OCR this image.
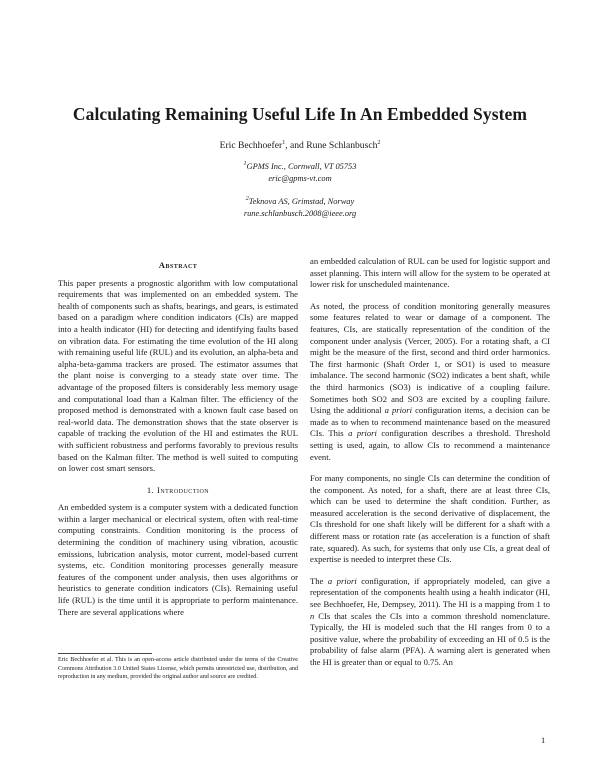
Calculating Remaining Useful Life In An Embedded System
Eric Bechhoefer$^1$, and Rune Schlanbusch$^2$
$^1$GPMS Inc., Cornwall, VT 05753
eric@gpms-vt.com
$^2$Teknova AS, Grimstad, Norway
rune.schlanbusch.2008@ieee.org
Abstract

This paper presents a prognostic algorithm with low computational requirements that was implemented on an embedded system. The health of components such as shafts, bearings, and gears, is estimated based on a paradigm where condition indicators (CIs) are mapped into a health indicator (HI) for detecting and identifying faults based on vibration data. For estimating the time evolution of the HI along with remaining useful life (RUL) and its evolution, an alpha-beta and alpha-beta-gamma trackers are prosed. The estimator assumes that the plant noise is converging to a steady state over time. The advantage of the proposed filters is considerably less memory usage and computational load than a Kalman filter. The efficiency of the proposed method is demonstrated with a known fault case based on real-world data. The demonstration shows that the state observer is capable of tracking the evolution of the HI and estimates the RUL with sufficient robustness and performs favorably to previous results based on the Kalman filter. The method is well suited to computing on lower cost smart sensors.

1. Introduction

An embedded system is a computer system with a dedicated function within a larger mechanical or electrical system, often with real-time computing constraints. Condition monitoring is the process of determining the condition of machinery using vibration, acoustic emissions, lubrication analysis, motor current, model-based current systems, etc. Condition monitoring processes generally measure features of the component under analysis, then uses algorithms or heuristics to generate condition indicators (CIs). Remaining useful life (RUL) is the time until it is appropriate to perform maintenance. There are several applications where

Eric Bechhoefer et al. This is an open-access article distributed under the terms of the Creative Commons Attribution 3.0 United States License, which permits unrestricted use, distribution, and reproduction in any medium, provided the original author and source are credited.

an embedded calculation of RUL can be used for logistic support and asset planning. This intern will allow for the system to be operated at lower risk for unscheduled maintenance.

As noted, the process of condition monitoring generally measures some features related to wear or damage of a component. The features, CIs, are statically representation of the condition of the component under analysis (Vercer, 2005). For a rotating shaft, a CI might be the measure of the first, second and third order harmonics. The first harmonic (Shaft Order 1, or SO1) is used to measure imbalance. The second harmonic (SO2) indicates a bent shaft, while the third harmonics (SO3) is indicative of a coupling failure. Sometimes both SO2 and SO3 are excited by a coupling failure. Using the additional a priori configuration items, a decision can be made as to when to recommend maintenance based on the measured CIs. This a priori configuration describes a threshold. Threshold setting is used, again, to allow CIs to recommend a maintenance event.

For many components, no single CIs can determine the condition of the component. As noted, for a shaft, there are at least three CIs, which can be used to determine the shaft condition. Further, as measured acceleration is the second derivative of displacement, the CIs threshold for one shaft likely will be different for a shaft with a different mass or rotation rate (as acceleration is a function of shaft rate, squared). As such, for systems that only use CIs, a great deal of expertise is needed to interpret these CIs.

The a priori configuration, if appropriately modeled, can give a representation of the components health using a health indicator (HI, see Bechhoefer, He, Dempsey, 2011). The HI is a mapping from 1 to n CIs that scales the CIs into a common threshold nomenclature. Typically, the HI is modeled such that the HI ranges from 0 to a positive value, where the probability of exceeding an HI of 0.5 is the probability of false alarm (PFA). A warning alert is generated when the HI is greater than or equal to 0.75. An

1
